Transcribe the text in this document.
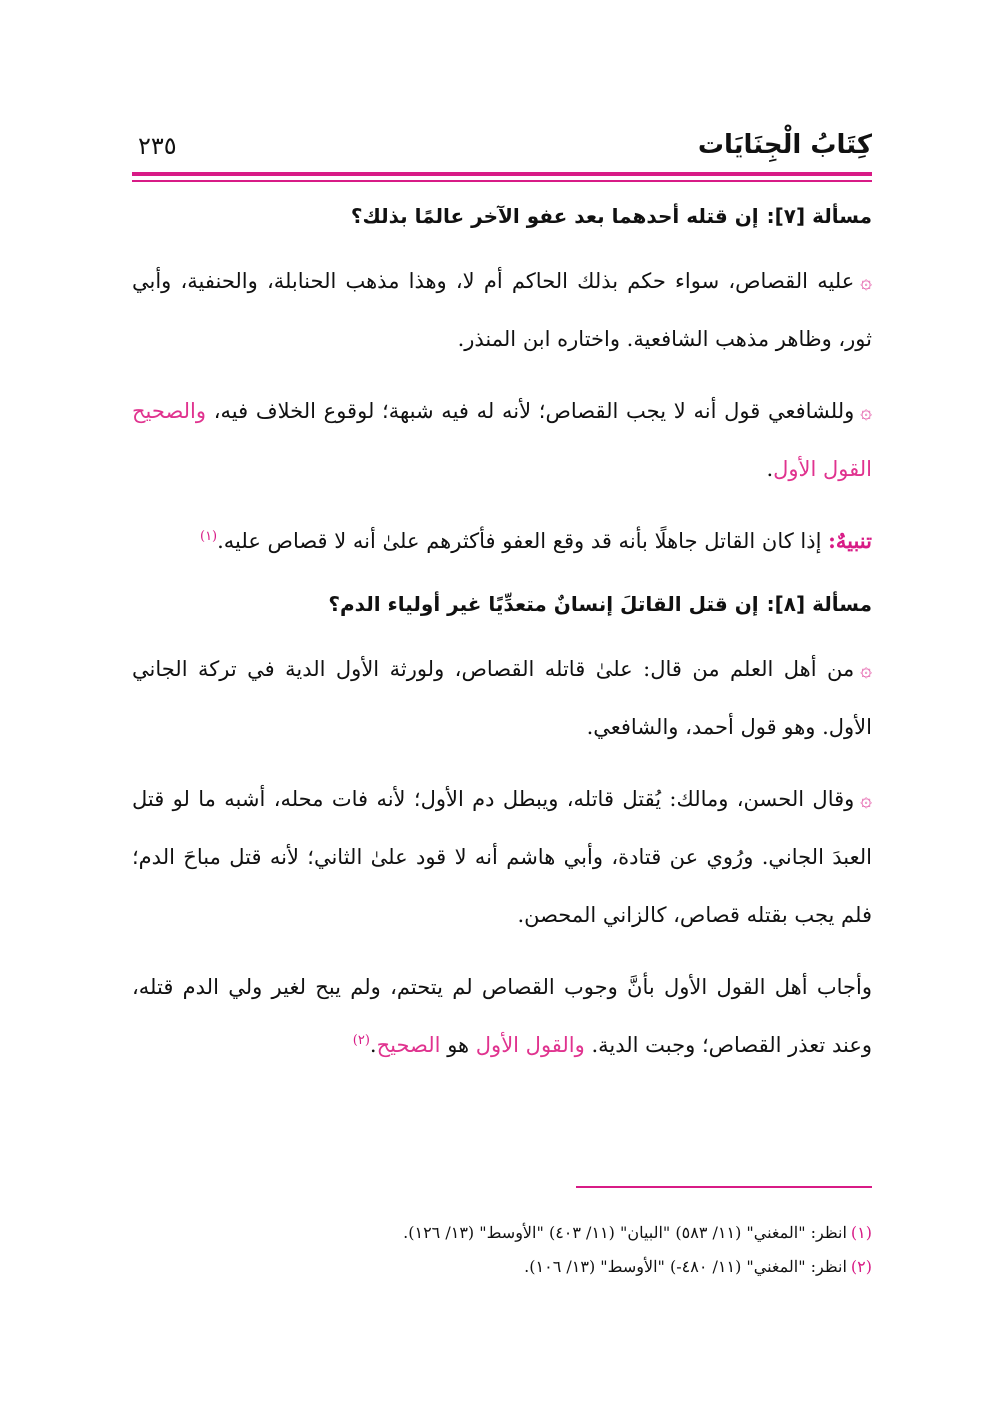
كِتَابُ الْجِنَايَات
٢٣٥
مسألة [٧]:إن قتله أحدهما بعد عفو الآخر عالمًا بذلك؟

۞عليه القصاص، سواء حكم بذلك الحاكم أم لا، وهذا مذهب الحنابلة، والحنفية، وأبي ثور، وظاهر مذهب الشافعية. واختاره ابن المنذر.

۞وللشافعي قول أنه لا يجب القصاص؛ لأنه له فيه شبهة؛ لوقوع الخلاف فيه، والصحيح القول الأول.

تنبيهٌ: إذا كان القاتل جاهلًا بأنه قد وقع العفو فأكثرهم علىٰ أنه لا قصاص عليه.$^{(١)}$

مسألة [٨]:إن قتل القاتلَ إنسانٌ متعدِّيًا غير أولياء الدم؟

۞من أهل العلم من قال: علىٰ قاتله القصاص، ولورثة الأول الدية في تركة الجاني الأول. وهو قول أحمد، والشافعي.

۞وقال الحسن، ومالك: يُقتل قاتله، ويبطل دم الأول؛ لأنه فات محله، أشبه ما لو قتل العبدَ الجاني. ورُوي عن قتادة، وأبي هاشم أنه لا قود علىٰ الثاني؛ لأنه قتل مباحَ الدم؛ فلم يجب بقتله قصاص، كالزاني المحصن.

وأجاب أهل القول الأول بأنَّ وجوب القصاص لم يتحتم، ولم يبح لغير ولي الدم قتله، وعند تعذر القصاص؛ وجبت الدية. والقول الأول هو الصحيح.$^{(٢)}$

(١)انظر: "المغني" (١١/ ٥٨٣) "البيان" (١١/ ٤٠٣) "الأوسط" (١٣/ ١٢٦).
(٢)انظر: "المغني" (١١/ ٤٨٠-) "الأوسط" (١٣/ ١٠٦).
